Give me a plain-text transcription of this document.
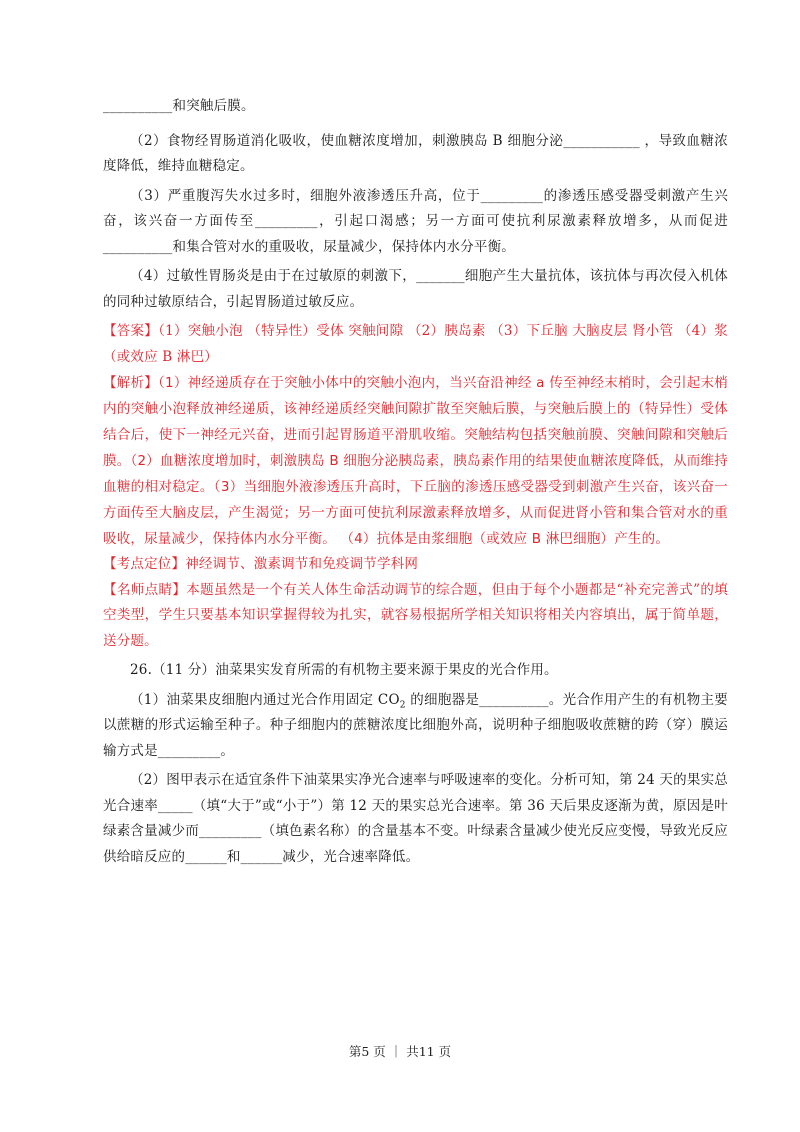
__________和突触后膜。

（2）食物经胃肠道消化吸收，使血糖浓度增加，刺激胰岛 B 细胞分泌___________ ，导致血糖浓度降低，维持血糖稳定。

（3）严重腹泻失水过多时，细胞外液渗透压升高，位于_________的渗透压感受器受刺激产生兴奋，该兴奋一方面传至_________，引起口渴感；另一方面可使抗利尿激素释放增多，从而促进__________和集合管对水的重吸收，尿量减少，保持体内水分平衡。

（4）过敏性胃肠炎是由于在过敏原的刺激下，_______细胞产生大量抗体，该抗体与再次侵入机体的同种过敏原结合，引起胃肠道过敏反应。

【答案】（1）突触小泡 （特异性）受体 突触间隙 （2）胰岛素 （3）下丘脑 大脑皮层 肾小管 （4）浆（或效应 B 淋巴）

【解析】（1）神经递质存在于突触小体中的突触小泡内，当兴奋沿神经 a 传至神经末梢时，会引起末梢内的突触小泡释放神经递质，该神经递质经突触间隙扩散至突触后膜，与突触后膜上的（特异性）受体结合后，使下一神经元兴奋，进而引起胃肠道平滑肌收缩。突触结构包括突触前膜、突触间隙和突触后膜。（2）血糖浓度增加时，刺激胰岛 B 细胞分泌胰岛素，胰岛素作用的结果使血糖浓度降低，从而维持血糖的相对稳定。（3）当细胞外液渗透压升高时，下丘脑的渗透压感受器受到刺激产生兴奋，该兴奋一方面传至大脑皮层，产生渴觉；另一方面可使抗利尿激素释放增多，从而促进肾小管和集合管对水的重吸收，尿量减少，保持体内水分平衡。 （4）抗体是由浆细胞（或效应 B 淋巴细胞）产生的。

【考点定位】神经调节、激素调节和免疫调节学科网

【名师点睛】本题虽然是一个有关人体生命活动调节的综合题，但由于每个小题都是“补充完善式”的填空类型，学生只要基本知识掌握得较为扎实，就容易根据所学相关知识将相关内容填出，属于简单题，送分题。

26.（11 分）油菜果实发育所需的有机物主要来源于果皮的光合作用。

（1）油菜果皮细胞内通过光合作用固定 $CO_2$ 的细胞器是__________。光合作用产生的有机物主要以蔗糖的形式运输至种子。种子细胞内的蔗糖浓度比细胞外高，说明种子细胞吸收蔗糖的跨（穿）膜运输方式是_________。

（2）图甲表示在适宜条件下油菜果实净光合速率与呼吸速率的变化。分析可知，第 24 天的果实总光合速率_____（填“大于”或“小于”）第 12 天的果实总光合速率。第 36 天后果皮逐渐为黄，原因是叶绿素含量减少而_________（填色素名称）的含量基本不变。叶绿素含量减少使光反应变慢，导致光反应供给暗反应的______和______减少，光合速率降低。

第5 页 ｜ 共11 页
